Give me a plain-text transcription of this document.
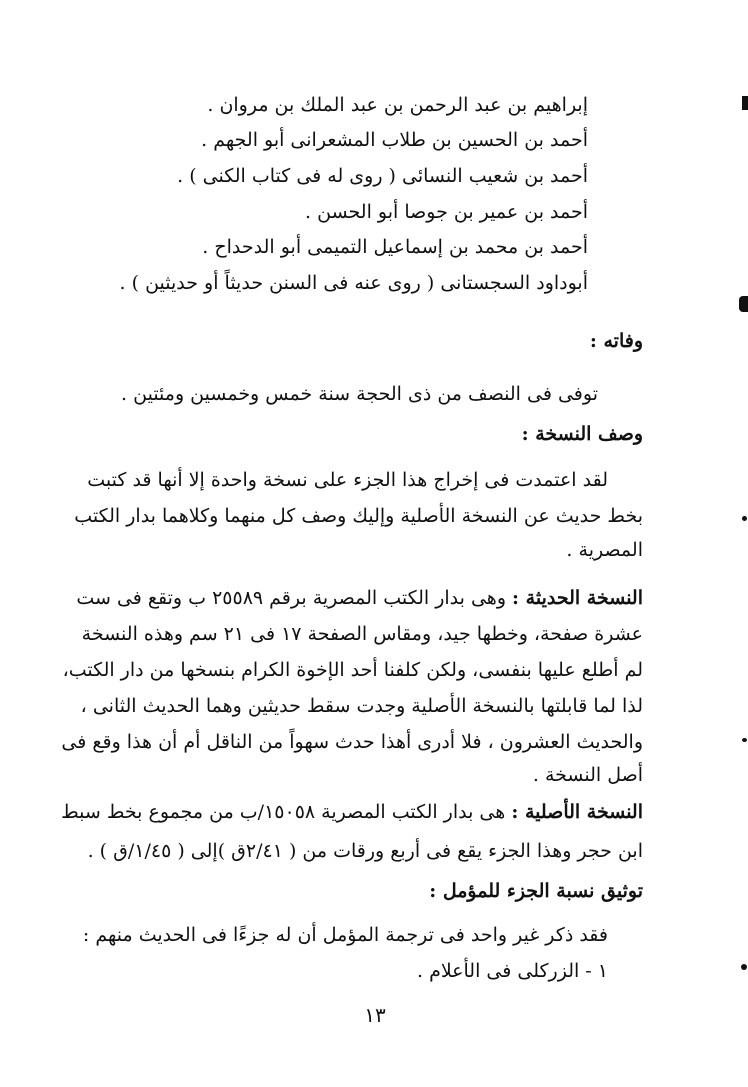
إبراهيم بن عبد الرحمن بن عبد الملك بن مروان .
أحمد بن الحسين بن طلاب المشعرانى أبو الجهم .
أحمد بن شعيب النسائى ( روى له فى كتاب الكنى ) .
أحمد بن عمير بن جوصا أبو الحسن .
أحمد بن محمد بن إسماعيل التميمى أبو الدحداح .
أبوداود السجستانى ( روى عنه فى السنن حديثاً أو حديثين ) .
وفاته :
توفى فى النصف من ذى الحجة سنة خمس وخمسين ومئتين .
وصف النسخة :
لقد اعتمدت فى إخراج هذا الجزء على نسخة واحدة إلا أنها قد كتبت
بخط حديث عن النسخة الأصلية وإليك وصف كل منهما وكلاهما بدار الكتب
المصرية .
النسخة الحديثة : وهى بدار الكتب المصرية برقم ٢٥٥٨٩ ب وتقع فى ست
عشرة صفحة، وخطها جيد، ومقاس الصفحة ١٧ فى ٢١ سم وهذه النسخة
لم أطلع عليها بنفسى، ولكن كلفنا أحد الإخوة الكرام بنسخها من دار الكتب،
لذا لما قابلتها بالنسخة الأصلية وجدت سقط حديثين وهما الحديث الثانى ،
والحديث العشرون ، فلا أدرى أهذا حدث سهواً من الناقل أم أن هذا وقع فى
أصل النسخة .
النسخة الأصلية : هى بدار الكتب المصرية ١٥٠٥٨/ب من مجموع بخط سبط
ابن حجر وهذا الجزء يقع فى أربع ورقات من ( ٢/٤١ق )إلى ( ١/٤٥/ق ) .
توثيق نسبة الجزء للمؤمل :
فقد ذكر غير واحد فى ترجمة المؤمل أن له جزءًا فى الحديث منهم :
١ - الزركلى فى الأعلام .
١٣
